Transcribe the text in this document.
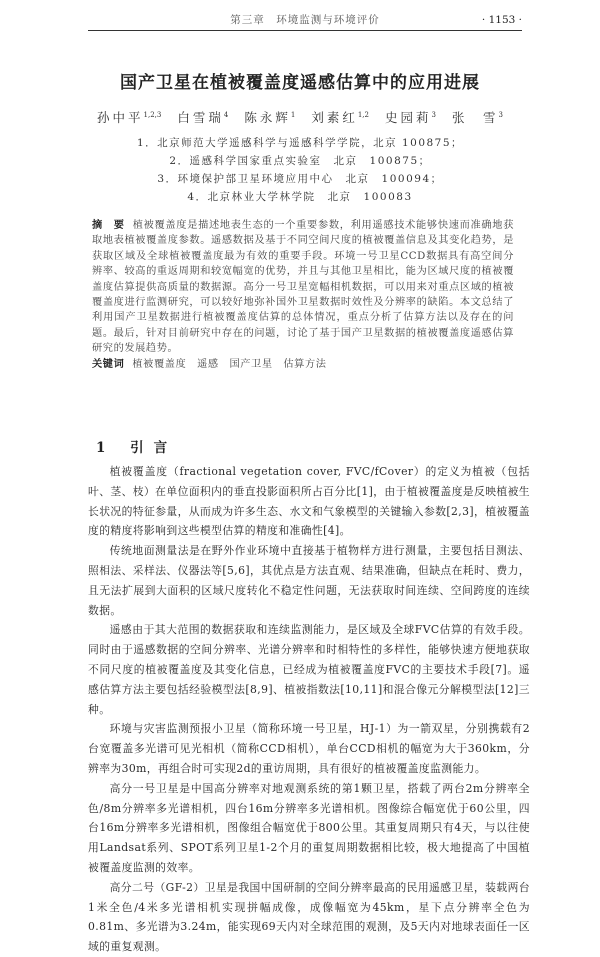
第三章　环境监测与环境评价	· 1153 ·
国产卫星在植被覆盖度遥感估算中的应用进展
孙中平$^{1,2,3}$ 白雪瑞$^4$ 陈永辉$^1$ 刘素红$^{1,2}$ 史园莉$^3$ 张　雪$^3$
1．北京师范大学遥感科学与遥感科学学院，北京 100875；
2．遥感科学国家重点实验室　北京　100875；
3．环境保护部卫星环境应用中心　北京　100094；
4．北京林业大学林学院　北京　100083
摘　要 植被覆盖度是描述地表生态的一个重要参数，利用遥感技术能够快速而准确地获取地表植被覆盖度参数。遥感数据及基于不同空间尺度的植被覆盖信息及其变化趋势，是获取区域及全球植被覆盖度最为有效的重要手段。环境一号卫星CCD数据具有高空间分辨率、较高的重返周期和较宽幅宽的优势，并且与其他卫星相比，能为区域尺度的植被覆盖度估算提供高质量的数据源。高分一号卫星宽幅相机数据，可以用来对重点区域的植被覆盖度进行监测研究，可以较好地弥补国外卫星数据时效性及分辨率的缺陷。本文总结了利用国产卫星数据进行植被覆盖度估算的总体情况，重点分析了估算方法以及存在的问题。最后，针对目前研究中存在的问题，讨论了基于国产卫星数据的植被覆盖度遥感估算研究的发展趋势。
关键词 植被覆盖度　遥感　国产卫星　估算方法
1 引言

植被覆盖度（fractional vegetation cover, FVC/fCover）的定义为植被（包括叶、茎、枝）在单位面积内的垂直投影面积所占百分比[1]，由于植被覆盖度是反映植被生长状况的特征参量，从而成为许多生态、水文和气象模型的关键输入参数[2,3]，植被覆盖度的精度将影响到这些模型估算的精度和准确性[4]。

传统地面测量法是在野外作业环境中直接基于植物样方进行测量，主要包括目测法、照相法、采样法、仪器法等[5,6]，其优点是方法直观、结果准确，但缺点在耗时、费力，且无法扩展到大面积的区域尺度转化不稳定性问题，无法获取时间连续、空间跨度的连续数据。

遥感由于其大范围的数据获取和连续监测能力，是区域及全球FVC估算的有效手段。同时由于遥感数据的空间分辨率、光谱分辨率和时相特性的多样性，能够快速方便地获取不同尺度的植被覆盖度及其变化信息，已经成为植被覆盖度FVC的主要技术手段[7]。遥感估算方法主要包括经验模型法[8,9]、植被指数法[10,11]和混合像元分解模型法[12]三种。

环境与灾害监测预报小卫星（简称环境一号卫星，HJ-1）为一箭双星，分别携载有2台宽覆盖多光谱可见光相机（简称CCD相机），单台CCD相机的幅宽为大于360km，分辨率为30m，再组合时可实现2d的重访周期，具有很好的植被覆盖度监测能力。

高分一号卫星是中国高分辨率对地观测系统的第1颗卫星，搭载了两台2m分辨率全色/8m分辨率多光谱相机，四台16m分辨率多光谱相机。图像综合幅宽优于60公里，四台16m分辨率多光谱相机，图像组合幅宽优于800公里。其重复周期只有4天，与以往使用Landsat系列、SPOT系列卫星1-2个月的重复周期数据相比较，极大地提高了中国植被覆盖度监测的效率。

高分二号（GF-2）卫星是我国中国研制的空间分辨率最高的民用遥感卫星，装载两台1米全色/4米多光谱相机实现拼幅成像，成像幅宽为45km，星下点分辨率全色为0.81m、多光谱为3.24m，能实现69天内对全球范围的观测，及5天内对地球表面任一区域的重复观测。
